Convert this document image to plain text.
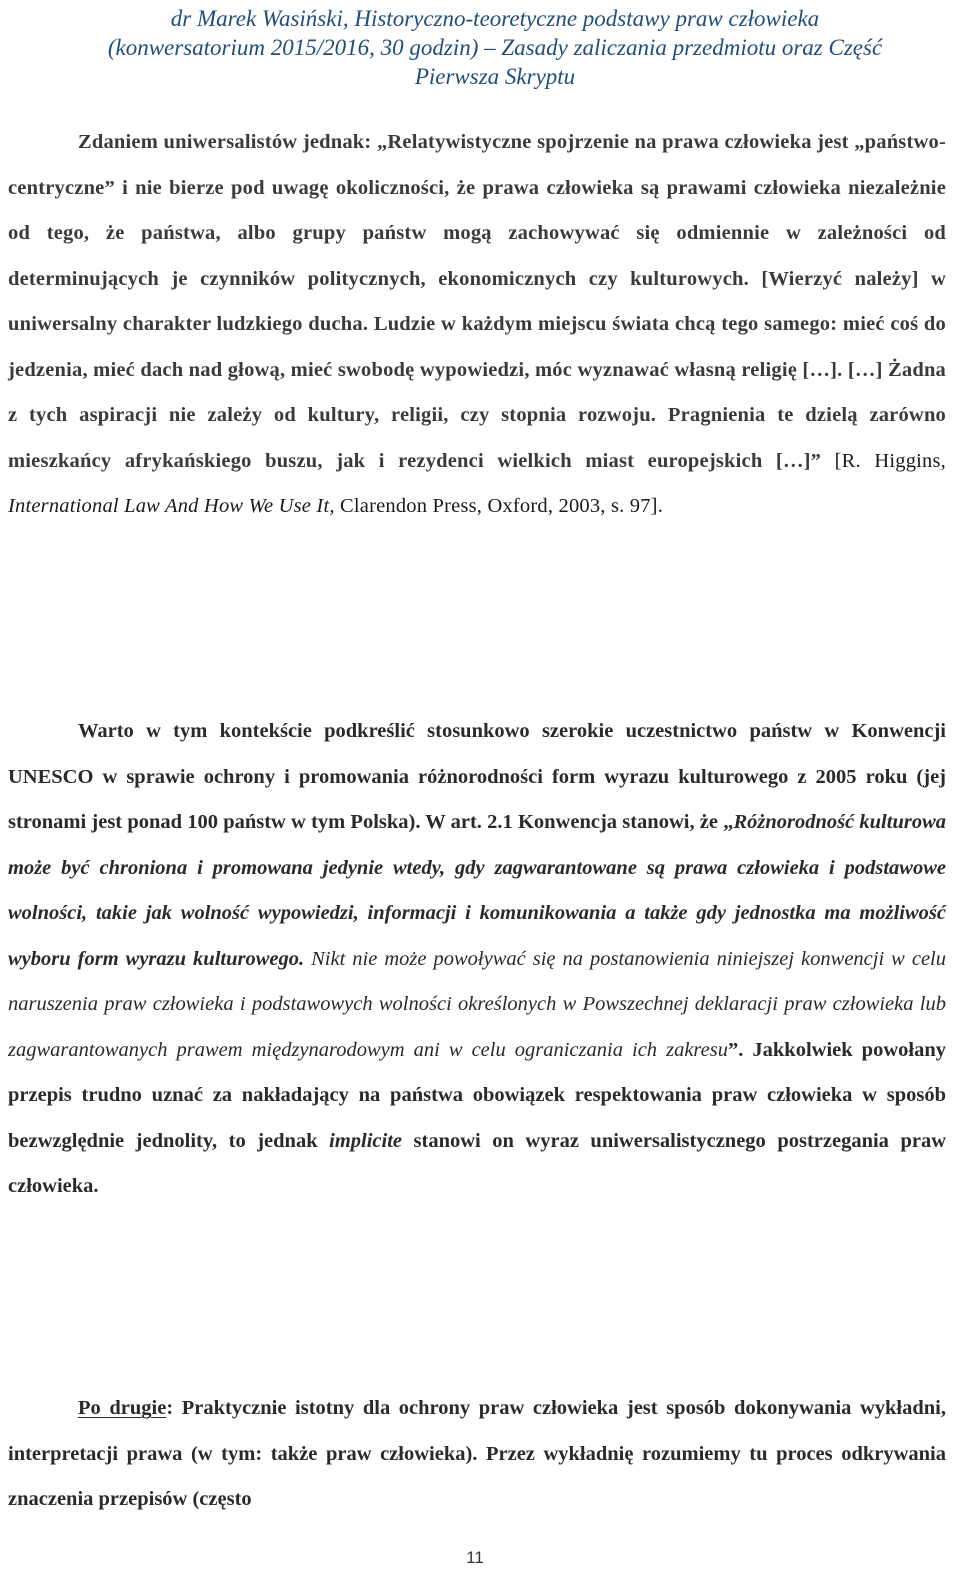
dr Marek Wasiński, Historyczno-teoretyczne podstawy praw człowieka
(konwersatorium 2015/2016, 30 godzin) – Zasady zaliczania przedmiotu oraz Część
Pierwsza Skryptu

Zdaniem uniwersalistów jednak: „Relatywistyczne spojrzenie na prawa człowieka jest „państwo-centryczne” i nie bierze pod uwagę okoliczności, że prawa człowieka są prawami człowieka niezależnie od tego, że państwa, albo grupy państw mogą zachowywać się odmiennie w zależności od determinujących je czynników politycznych, ekonomicznych czy kulturowych. [Wierzyć należy] w uniwersalny charakter ludzkiego ducha. Ludzie w każdym miejscu świata chcą tego samego: mieć coś do jedzenia, mieć dach nad głową, mieć swobodę wypowiedzi, móc wyznawać własną religię […]. […] Żadna z tych aspiracji nie zależy od kultury, religii, czy stopnia rozwoju. Pragnienia te dzielą zarówno mieszkańcy afrykańskiego buszu, jak i rezydenci wielkich miast europejskich […]” [R. Higgins, International Law And How We Use It, Clarendon Press, Oxford, 2003, s. 97].

Warto w tym kontekście podkreślić stosunkowo szerokie uczestnictwo państw w Konwencji UNESCO w sprawie ochrony i promowania różnorodności form wyrazu kulturowego z 2005 roku (jej stronami jest ponad 100 państw w tym Polska). W art. 2.1 Konwencja stanowi, że „Różnorodność kulturowa może być chroniona i promowana jedynie wtedy, gdy zagwarantowane są prawa człowieka i podstawowe wolności, takie jak wolność wypowiedzi, informacji i komunikowania a także gdy jednostka ma możliwość wyboru form wyrazu kulturowego. Nikt nie może powoływać się na postanowienia niniejszej konwencji w celu naruszenia praw człowieka i podstawowych wolności określonych w Powszechnej deklaracji praw człowieka lub zagwarantowanych prawem międzynarodowym ani w celu ograniczania ich zakresu”. Jakkolwiek powołany przepis trudno uznać za nakładający na państwa obowiązek respektowania praw człowieka w sposób bezwzględnie jednolity, to jednak implicite stanowi on wyraz uniwersalistycznego postrzegania praw człowieka.

Po drugie: Praktycznie istotny dla ochrony praw człowieka jest sposób dokonywania wykładni, interpretacji prawa (w tym: także praw człowieka). Przez wykładnię rozumiemy tu proces odkrywania znaczenia przepisów (często

11
